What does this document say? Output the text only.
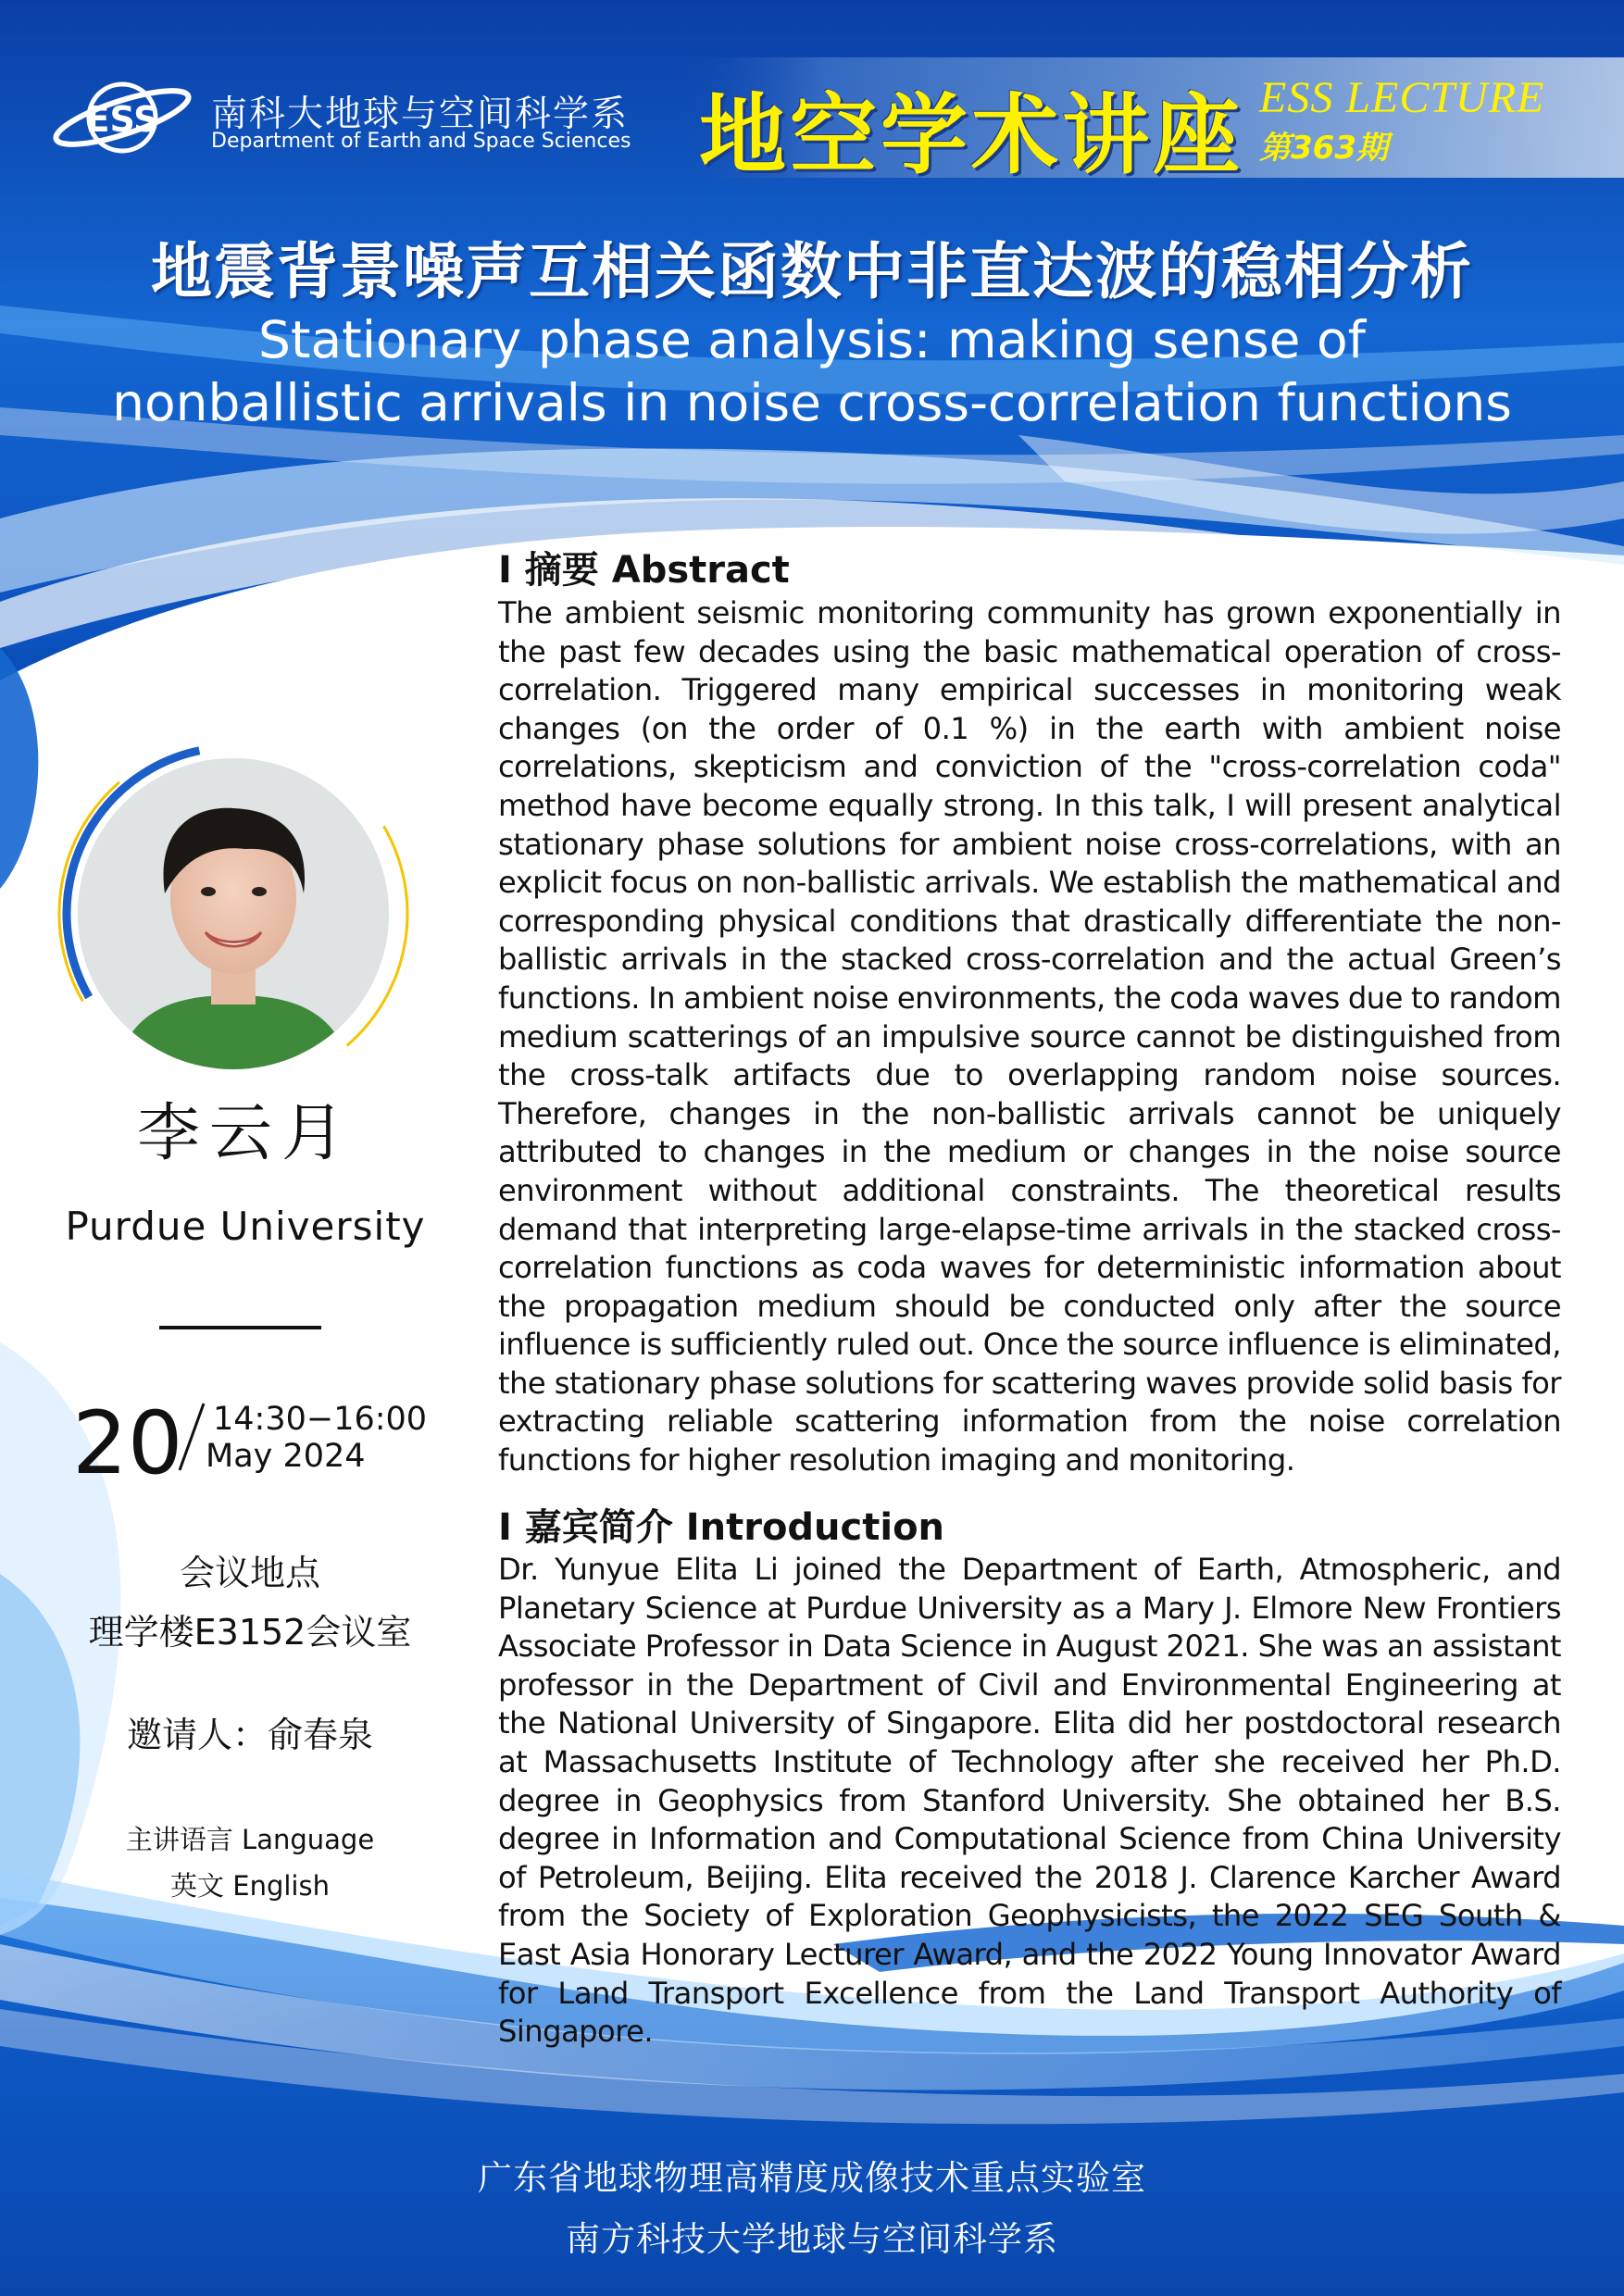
ESS 南科大地球与空间科学系
Department of Earth and Space Sciences 地空学术讲座 ESS LECTURE
第363期
地震背景噪声互相关函数中非直达波的稳相分析
Stationary phase analysis: making sense of
nonballistic arrivals in noise cross-correlation functions
李云月
Purdue University
20 14:30−16:00
May 2024
会议地点
理学楼E3152会议室
邀请人：俞春泉
主讲语言 Language
英文 English
I 摘要 Abstract
The ambient seismic monitoring community has grown exponentially in the past few decades using the basic mathematical operation of cross-correlation. Triggered many empirical successes in monitoring weak changes (on the order of 0.1 %) in the earth with ambient noise correlations, skepticism and conviction of the "cross-correlation coda" method have become equally strong. In this talk, I will present analytical stationary phase solutions for ambient noise cross-correlations, with an explicit focus on non-ballistic arrivals. We establish the mathematical and corresponding physical conditions that drastically differentiate the non-ballistic arrivals in the stacked cross-correlation and the actual Green’s functions. In ambient noise environments, the coda waves due to random medium scatterings of an impulsive source cannot be distinguished from the cross-talk artifacts due to overlapping random noise sources. Therefore, changes in the non-ballistic arrivals cannot be uniquely attributed to changes in the medium or changes in the noise source environment without additional constraints. The theoretical results demand that interpreting large-elapse-time arrivals in the stacked cross-correlation functions as coda waves for deterministic information about the propagation medium should be conducted only after the source influence is sufficiently ruled out. Once the source influence is eliminated, the stationary phase solutions for scattering waves provide solid basis for extracting reliable scattering information from the noise correlation functions for higher resolution imaging and monitoring.
I 嘉宾简介 Introduction
Dr. Yunyue Elita Li joined the Department of Earth, Atmospheric, and Planetary Science at Purdue University as a Mary J. Elmore New Frontiers Associate Professor in Data Science in August 2021. She was an assistant professor in the Department of Civil and Environmental Engineering at the National University of Singapore. Elita did her postdoctoral research at Massachusetts Institute of Technology after she received her Ph.D. degree in Geophysics from Stanford University. She obtained her B.S. degree in Information and Computational Science from China University of Petroleum, Beijing. Elita received the 2018 J. Clarence Karcher Award from the Society of Exploration Geophysicists, the 2022 SEG South & East Asia Honorary Lecturer Award, and the 2022 Young Innovator Award for Land Transport Excellence from the Land Transport Authority of Singapore.
广东省地球物理高精度成像技术重点实验室
南方科技大学地球与空间科学系
